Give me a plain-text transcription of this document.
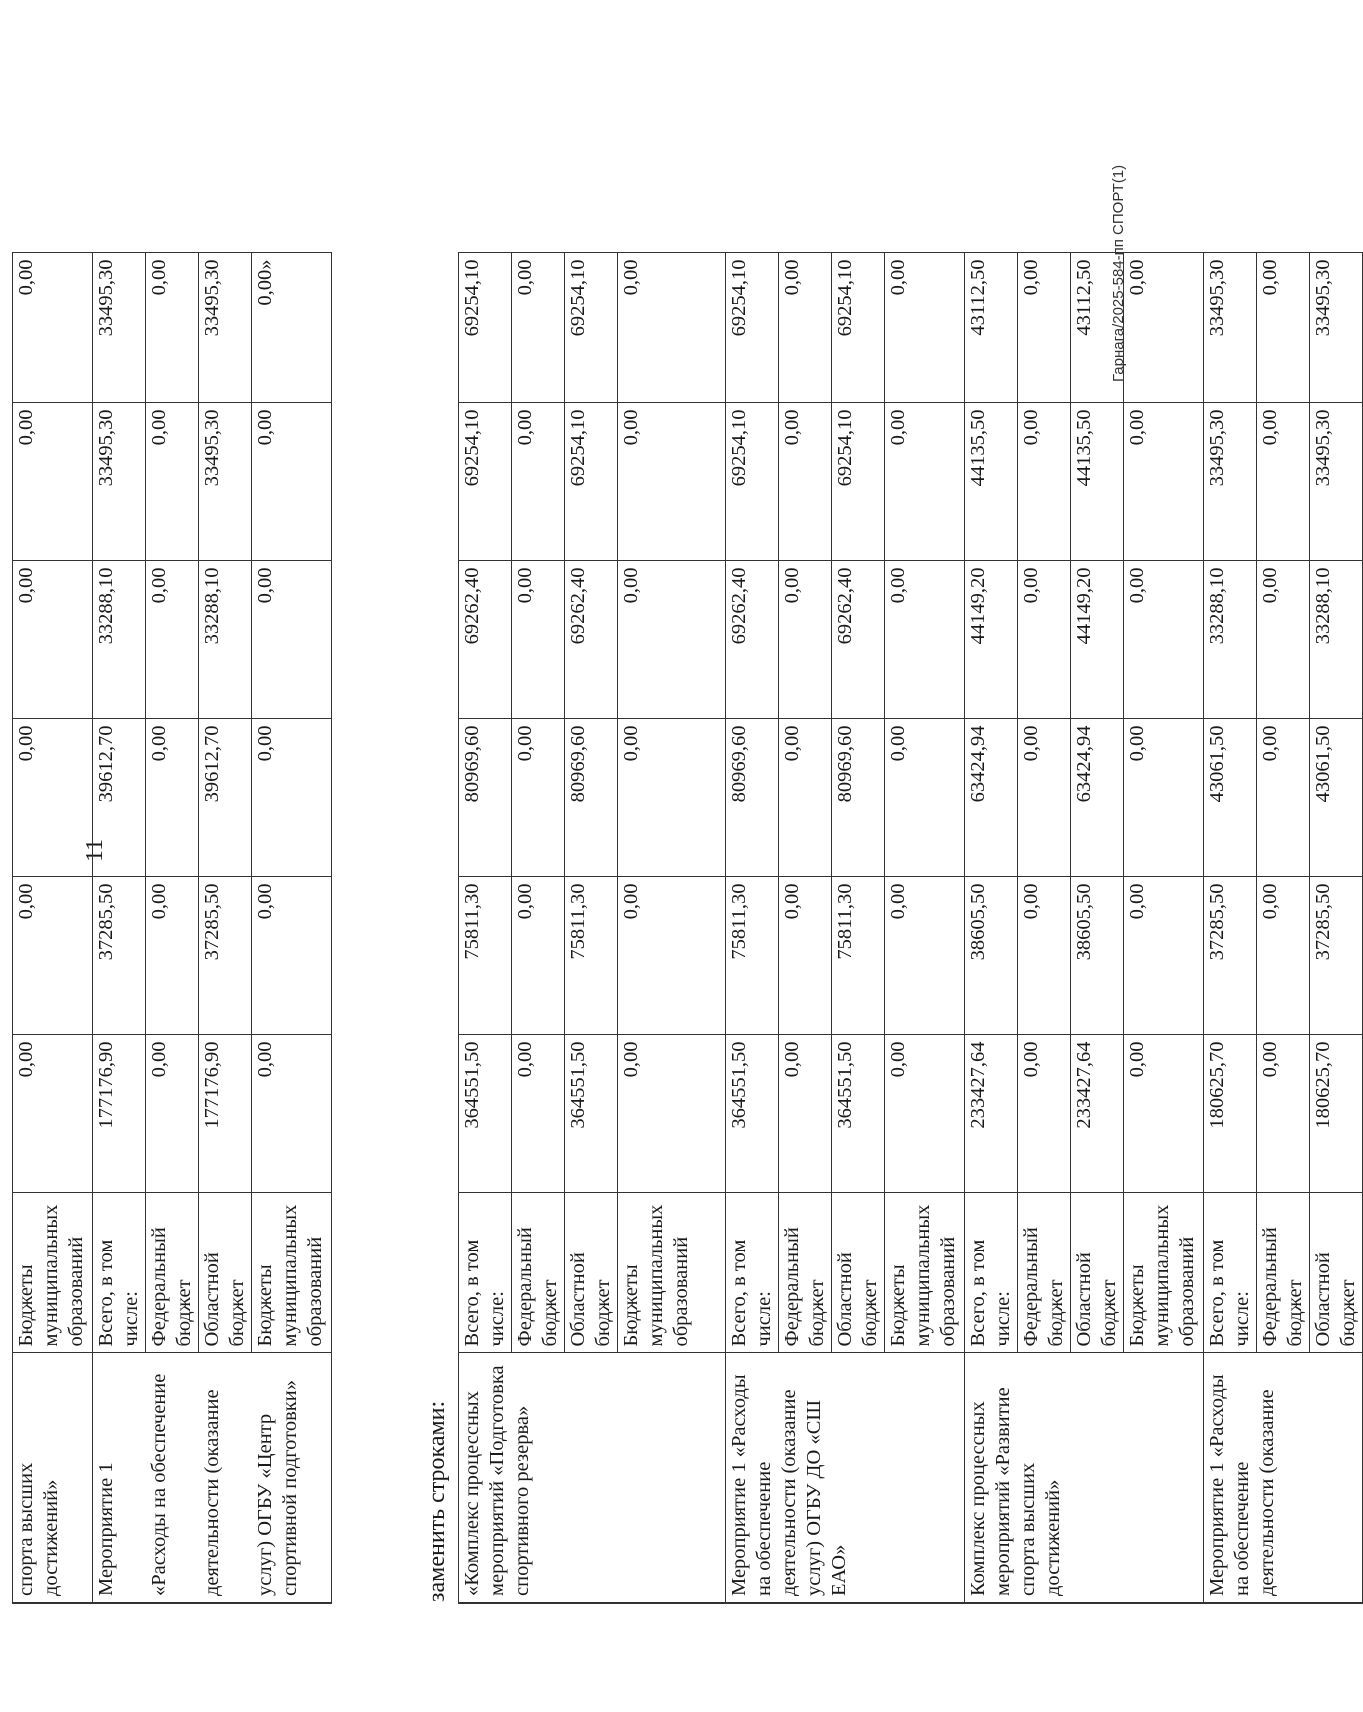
11
спорта высших достижений»	Бюджеты муниципальных образований	0,00	0,00	0,00	0,00	0,00	0,00
Мероприятие 1	Всего, в том числе:	177176,90	37285,50	39612,70	33288,10	33495,30	33495,30
«Расходы на обеспечение	Федеральный бюджет	0,00	0,00	0,00	0,00	0,00	0,00
деятельности (оказание	Областной бюджет	177176,90	37285,50	39612,70	33288,10	33495,30	33495,30
услуг) ОГБУ «Центр спортивной подготовки»	Бюджеты муниципальных образований	0,00	0,00	0,00	0,00	0,00	0,00»
заменить строками: «Комплекс процессных мероприятий «Подготовка спортивного резерва»	Всего, в том числе:	364551,50	75811,30	80969,60	69262,40	69254,10	69254,10
	Федеральный бюджет	0,00	0,00	0,00	0,00	0,00	0,00
	Областной бюджет	364551,50	75811,30	80969,60	69262,40	69254,10	69254,10
	Бюджеты муниципальных образований	0,00	0,00	0,00	0,00	0,00	0,00
Мероприятие 1 «Расходы на обеспечение деятельности (оказание услуг) ОГБУ ДО «СШ ЕАО»	Всего, в том числе:	364551,50	75811,30	80969,60	69262,40	69254,10	69254,10
	Федеральный бюджет	0,00	0,00	0,00	0,00	0,00	0,00
	Областной бюджет	364551,50	75811,30	80969,60	69262,40	69254,10	69254,10
	Бюджеты муниципальных образований	0,00	0,00	0,00	0,00	0,00	0,00
Комплекс процессных мероприятий «Развитие спорта высших достижений»	Всего, в том числе:	233427,64	38605,50	63424,94	44149,20	44135,50	43112,50
	Федеральный бюджет	0,00	0,00	0,00	0,00	0,00	0,00
	Областной бюджет	233427,64	38605,50	63424,94	44149,20	44135,50	43112,50
	Бюджеты муниципальных образований	0,00	0,00	0,00	0,00	0,00	0,00
Мероприятие 1 «Расходы на обеспечение деятельности (оказание	Всего, в том числе:	180625,70	37285,50	43061,50	33288,10	33495,30	33495,30
	Федеральный бюджет	0,00	0,00	0,00	0,00	0,00	0,00
	Областной бюджет	180625,70	37285,50	43061,50	33288,10	33495,30	33495,30
Гарнага/2025-584-пп СПОРТ(1)
